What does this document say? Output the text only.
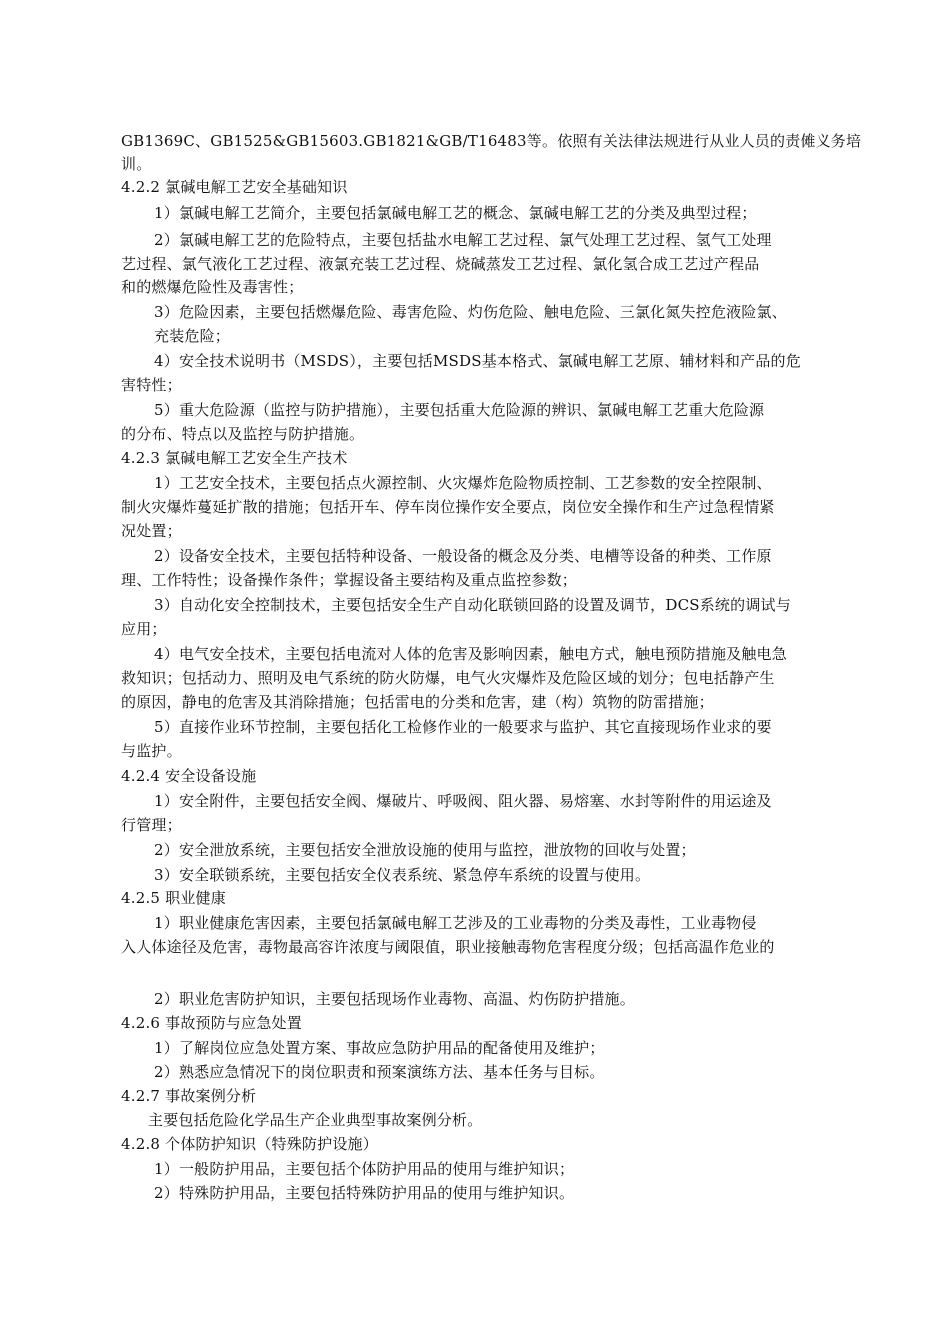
GB1369C、GB1525&GB15603.GB1821&GB/T16483等。依照有关法律法规进行从业人员的责傩义务培
训。
4.2.2 氯碱电解工艺安全基础知识
1）氯碱电解工艺简介，主要包括氯碱电解工艺的概念、氯碱电解工艺的分类及典型过程；
2）氯碱电解工艺的危险特点，主要包括盐水电解工艺过程、氯气处理工艺过程、氢气工处理
艺过程、氯气液化工艺过程、液氯充装工艺过程、烧碱蒸发工艺过程、氯化氢合成工艺过产程品
和的燃爆危险性及毒害性；
3）危险因素，主要包括燃爆危险、毒害危险、灼伤危险、触电危险、三氯化氮失控危液险氯、
充装危险；
4）安全技术说明书（MSDS），主要包括MSDS基本格式、氯碱电解工艺原、辅材料和产品的危
害特性；
5）重大危险源（监控与防护措施），主要包括重大危险源的辨识、氯碱电解工艺重大危险源
的分布、特点以及监控与防护措施。
4.2.3 氯碱电解工艺安全生产技术
1）工艺安全技术，主要包括点火源控制、火灾爆炸危险物质控制、工艺参数的安全控限制、
制火灾爆炸蔓延扩散的措施；包括开车、停车岗位操作安全要点，岗位安全操作和生产过急程情紧
况处置；
2）设备安全技术，主要包括特种设备、一般设备的概念及分类、电槽等设备的种类、工作原
理、工作特性；设备操作条件；掌握设备主要结构及重点监控参数；
3）自动化安全控制技术，主要包括安全生产自动化联锁回路的设置及调节，DCS系统的调试与
应用；
4）电气安全技术，主要包括电流对人体的危害及影响因素，触电方式，触电预防措施及触电急
救知识；包括动力、照明及电气系统的防火防爆，电气火灾爆炸及危险区域的划分；包电括静产生
的原因，静电的危害及其消除措施；包括雷电的分类和危害，建（构）筑物的防雷措施；
5）直接作业环节控制，主要包括化工检修作业的一般要求与监护、其它直接现场作业求的要
与监护。
4.2.4 安全设备设施
1）安全附件，主要包括安全阀、爆破片、呼吸阀、阻火器、易熔塞、水封等附件的用运途及
行管理；
2）安全泄放系统，主要包括安全泄放设施的使用与监控，泄放物的回收与处置；
3）安全联锁系统，主要包括安全仪表系统、紧急停车系统的设置与使用。
4.2.5 职业健康
1）职业健康危害因素，主要包括氯碱电解工艺涉及的工业毒物的分类及毒性，工业毒物侵
入人体途径及危害，毒物最高容许浓度与阈限值，职业接触毒物危害程度分级；包括高温作危业的
2）职业危害防护知识，主要包括现场作业毒物、高温、灼伤防护措施。
4.2.6 事故预防与应急处置
1）了解岗位应急处置方案、事故应急防护用品的配备使用及维护；
2）熟悉应急情况下的岗位职责和预案演练方法、基本任务与目标。
4.2.7 事故案例分析
主要包括危险化学品生产企业典型事故案例分析。
4.2.8 个体防护知识（特殊防护设施）
1）一般防护用品，主要包括个体防护用品的使用与维护知识；
2）特殊防护用品，主要包括特殊防护用品的使用与维护知识。
